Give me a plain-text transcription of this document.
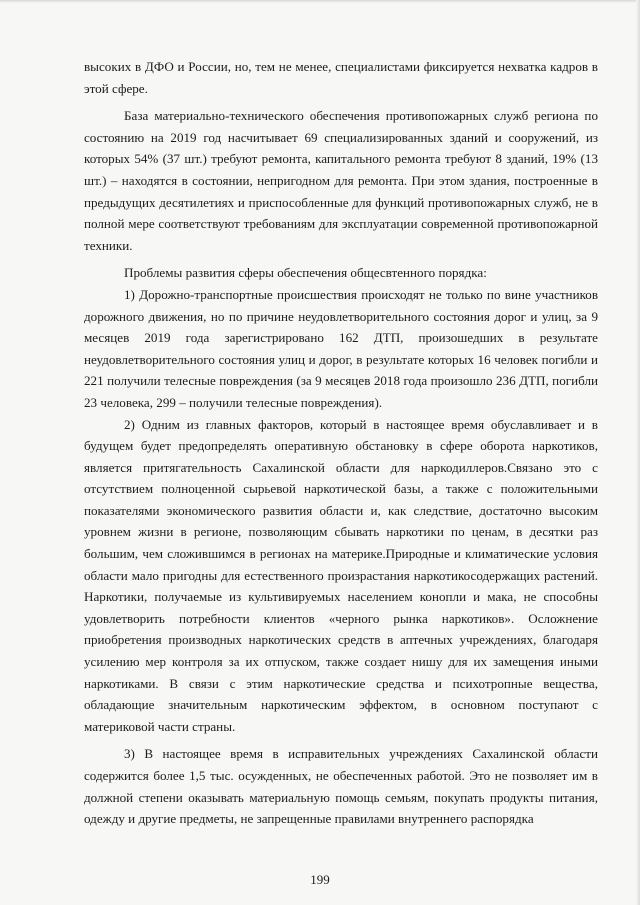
высоких в ДФО и России, но, тем не менее, специалистами фиксируется нехватка кадров в этой сфере.

База материально-технического обеспечения противопожарных служб региона по состоянию на 2019 год насчитывает 69 специализированных зданий и сооружений, из которых 54% (37 шт.) требуют ремонта, капитального ремонта требуют 8 зданий, 19% (13 шт.) – находятся в состоянии, непригодном для ремонта. При этом здания, построенные в предыдущих десятилетиях и приспособленные для функций противопожарных служб, не в полной мере соответствуют требованиям для эксплуатации современной противопожарной техники.

Проблемы развития сферы обеспечения общесвтенного порядка:

1) Дорожно-транспортные происшествия происходят не только по вине участников дорожного движения, но по причине неудовлетворительного состояния дорог и улиц, за 9 месяцев 2019 года зарегистрировано 162 ДТП, произошедших в результате неудовлетворительного состояния улиц и дорог, в результате которых 16 человек погибли и 221 получили телесные повреждения (за 9 месяцев 2018 года произошло 236 ДТП, погибли 23 человека, 299 – получили телесные повреждения).

2) Одним из главных факторов, который в настоящее время обуславливает и в будущем будет предопределять оперативную обстановку в сфере оборота наркотиков, является притягательность Сахалинской области для наркодиллеров.Связано это с отсутствием полноценной сырьевой наркотической базы, а также с положительными показателями экономического развития области и, как следствие, достаточно высоким уровнем жизни в регионе, позволяющим сбывать наркотики по ценам, в десятки раз большим, чем сложившимся в регионах на материке.Природные и климатические условия области мало пригодны для естественного произрастания наркотикосодержащих растений. Наркотики, получаемые из культивируемых населением конопли и мака, не способны удовлетворить потребности клиентов «черного рынка наркотиков». Осложнение приобретения производных наркотических средств в аптечных учреждениях, благодаря усилению мер контроля за их отпуском, также создает нишу для их замещения иными наркотиками. В связи с этим наркотические средства и психотропные вещества, обладающие значительным наркотическим эффектом, в основном поступают с материковой части страны.

3) В настоящее время в исправительных учреждениях Сахалинской области содержится более 1,5 тыс. осужденных, не обеспеченных работой. Это не позволяет им в должной степени оказывать материальную помощь семьям, покупать продукты питания, одежду и другие предметы, не запрещенные правилами внутреннего распорядка

199
